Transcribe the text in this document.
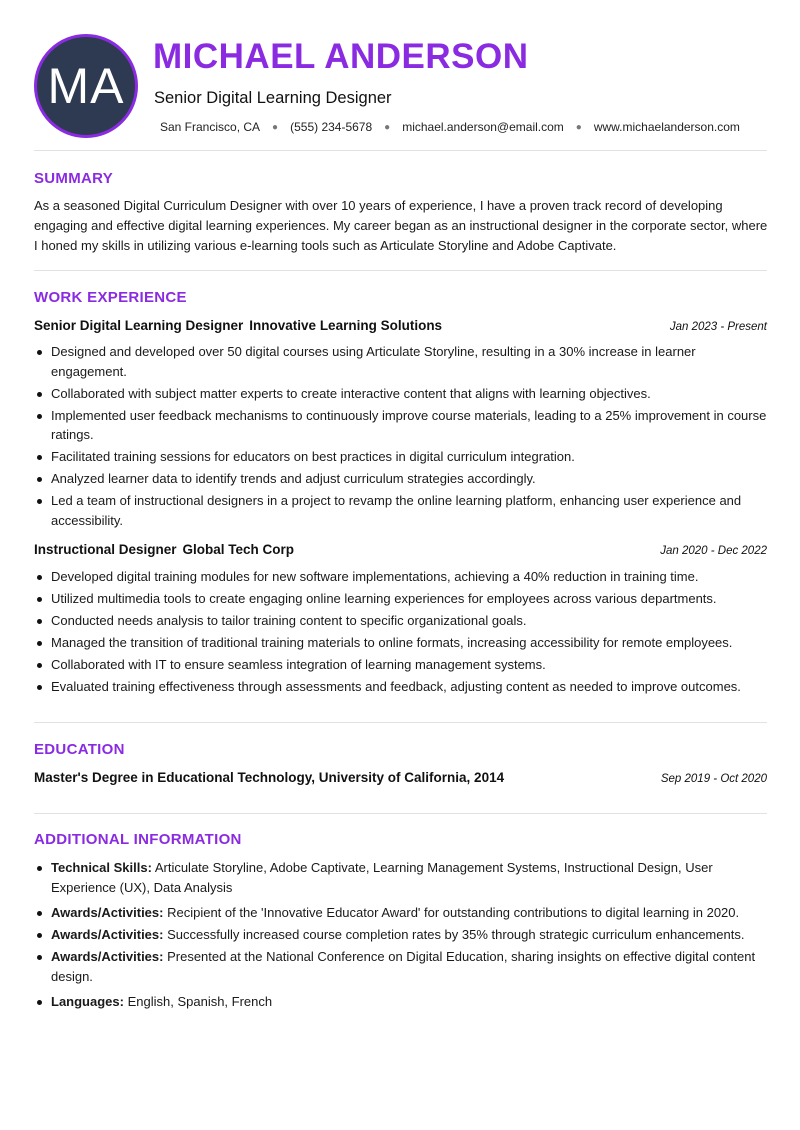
MA
MICHAEL ANDERSON
Senior Digital Learning Designer
San Francisco, CA ● (555) 234-5678 ● michael.anderson@email.com ● www.michaelanderson.com
SUMMARY
As a seasoned Digital Curriculum Designer with over 10 years of experience, I have a proven track record of developing engaging and effective digital learning experiences. My career began as an instructional designer in the corporate sector, where I honed my skills in utilizing various e-learning tools such as Articulate Storyline and Adobe Captivate.
WORK EXPERIENCE
Senior Digital Learning Designer Innovative Learning Solutions	Jan 2023 - Present
Designed and developed over 50 digital courses using Articulate Storyline, resulting in a 30% increase in learner engagement.
Collaborated with subject matter experts to create interactive content that aligns with learning objectives.
Implemented user feedback mechanisms to continuously improve course materials, leading to a 25% improvement in course ratings.
Facilitated training sessions for educators on best practices in digital curriculum integration.
Analyzed learner data to identify trends and adjust curriculum strategies accordingly.
Led a team of instructional designers in a project to revamp the online learning platform, enhancing user experience and accessibility.
Instructional Designer Global Tech Corp	Jan 2020 - Dec 2022
Developed digital training modules for new software implementations, achieving a 40% reduction in training time.
Utilized multimedia tools to create engaging online learning experiences for employees across various departments.
Conducted needs analysis to tailor training content to specific organizational goals.
Managed the transition of traditional training materials to online formats, increasing accessibility for remote employees.
Collaborated with IT to ensure seamless integration of learning management systems.
Evaluated training effectiveness through assessments and feedback, adjusting content as needed to improve outcomes.
EDUCATION
Master's Degree in Educational Technology, University of California, 2014	Sep 2019 - Oct 2020
ADDITIONAL INFORMATION
Technical Skills: Articulate Storyline, Adobe Captivate, Learning Management Systems, Instructional Design, User Experience (UX), Data Analysis
Awards/Activities: Recipient of the 'Innovative Educator Award' for outstanding contributions to digital learning in 2020.
Awards/Activities: Successfully increased course completion rates by 35% through strategic curriculum enhancements.
Awards/Activities: Presented at the National Conference on Digital Education, sharing insights on effective digital content design.
Languages: English, Spanish, French
